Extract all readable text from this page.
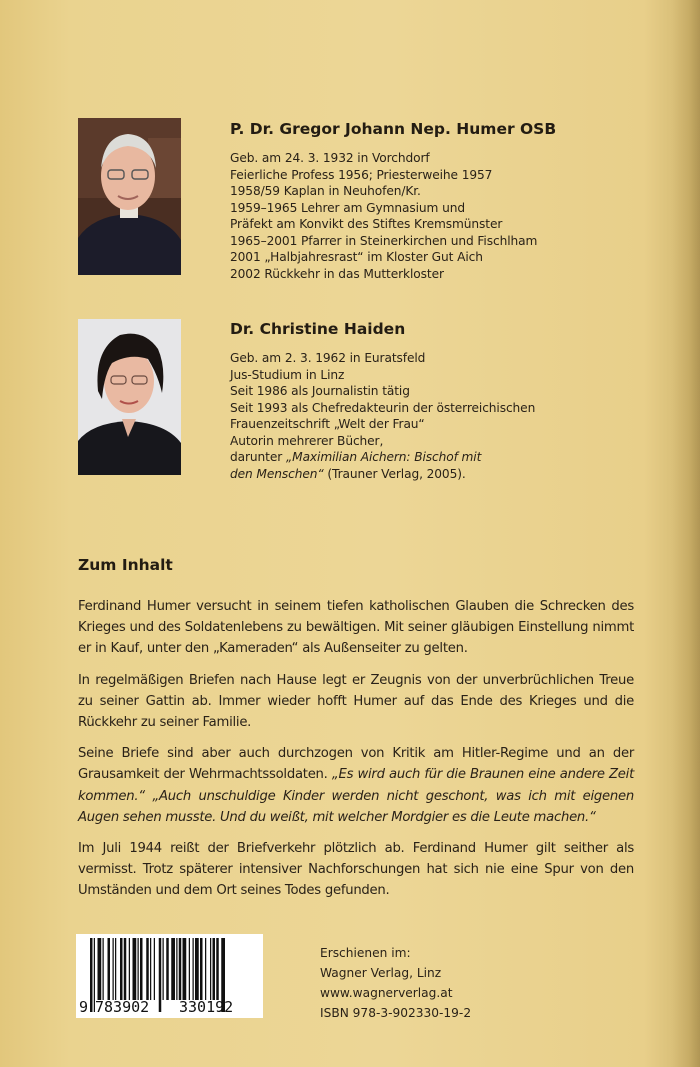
P. Dr. Gregor Johann Nep. Humer OSB
Geb. am 24. 3. 1932 in Vorchdorf
Feierliche Profess 1956; Priesterweihe 1957
1958/59 Kaplan in Neuhofen/Kr.
1959–1965 Lehrer am Gymnasium und
Präfekt am Konvikt des Stiftes Kremsmünster
1965–2001 Pfarrer in Steinerkirchen und Fischlham
2001 „Halbjahresrast“ im Kloster Gut Aich
2002 Rückkehr in das Mutterkloster
Dr. Christine Haiden
Geb. am 2. 3. 1962 in Euratsfeld
Jus-Studium in Linz
Seit 1986 als Journalistin tätig
Seit 1993 als Chefredakteurin der österreichischen
Frauenzeitschrift „Welt der Frau“
Autorin mehrerer Bücher,
darunter „Maximilian Aichern: Bischof mit
den Menschen“ (Trauner Verlag, 2005).
Zum Inhalt

Ferdinand Humer versucht in seinem tiefen katholischen Glauben die Schrecken des Krieges und des Soldatenlebens zu bewältigen. Mit seiner gläubigen Einstellung nimmt er in Kauf, unter den „Kameraden“ als Außenseiter zu gelten.

In regelmäßigen Briefen nach Hause legt er Zeugnis von der unverbrüchlichen Treue zu seiner Gattin ab. Immer wieder hofft Humer auf das Ende des Krieges und die Rückkehr zu seiner Familie.

Seine Briefe sind aber auch durchzogen von Kritik am Hitler-Regime und an der Grausamkeit der Wehrmachtssoldaten. „Es wird auch für die Braunen eine andere Zeit kommen.“ „Auch unschuldige Kinder werden nicht geschont, was ich mit eigenen Augen sehen musste. Und du weißt, mit welcher Mordgier es die Leute machen.“

Im Juli 1944 reißt der Briefverkehr plötzlich ab. Ferdinand Humer gilt seither als vermisst. Trotz späterer intensiver Nachforschungen hat sich nie eine Spur von den Umständen und dem Ort seines Todes gefunden.

9 783902 330192
Erschienen im:
Wagner Verlag, Linz
www.wagnerverlag.at
ISBN 978-3-902330-19-2
